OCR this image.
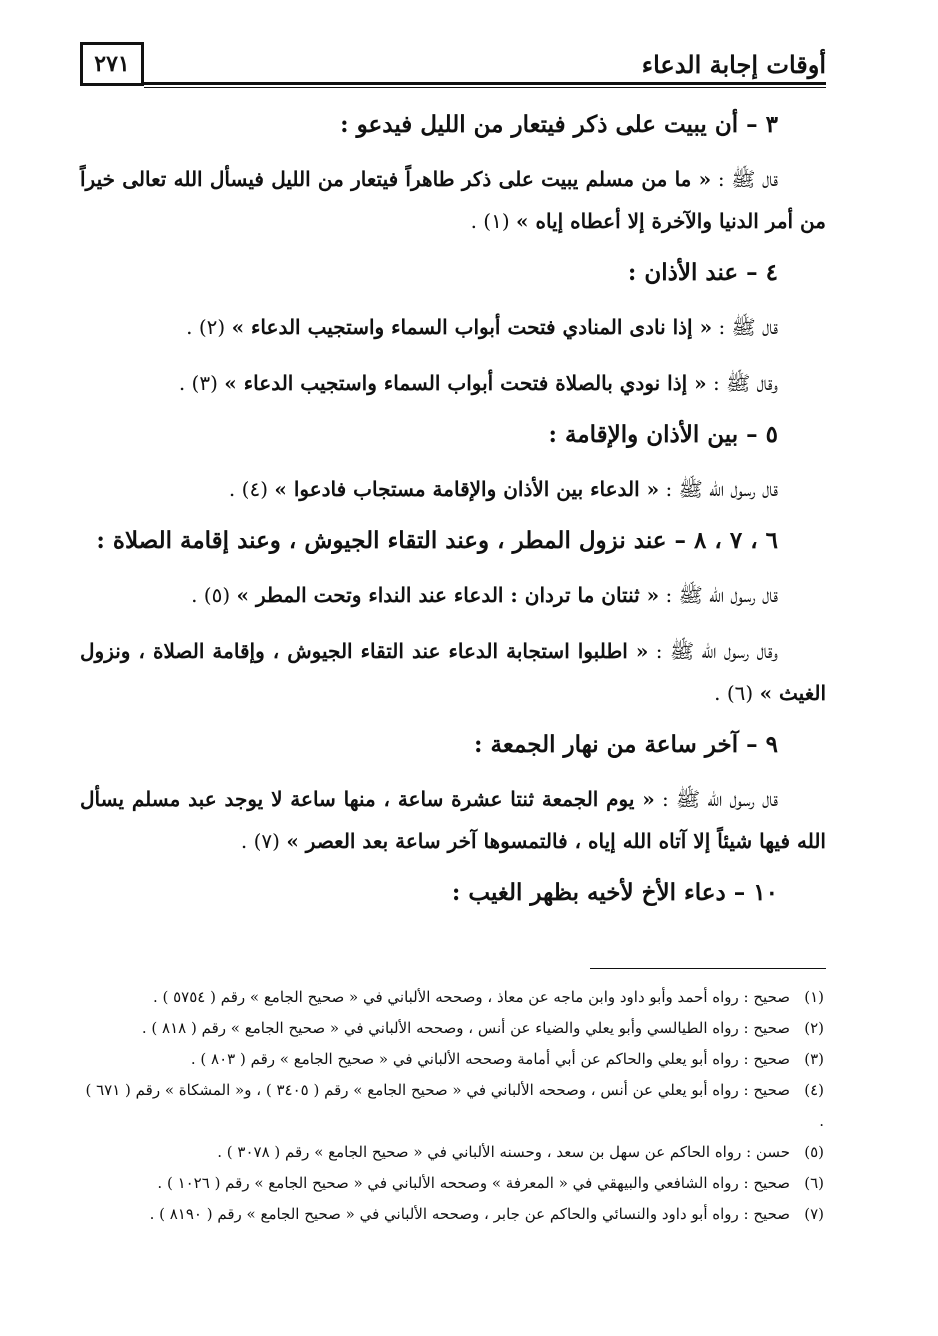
أوقات إجابة الدعاء
٢٧١
٣ – أن يبيت على ذكر فيتعار من الليل فيدعو :

قال ﷺ : « ما من مسلم يبيت على ذكر طاهراً فيتعار من الليل فيسأل الله تعالى خيراً من أمر الدنيا والآخرة إلا أعطاه إياه » (١) .

٤ – عند الأذان :

قال ﷺ : « إذا نادى المنادي فتحت أبواب السماء واستجيب الدعاء » (٢) .

وقال ﷺ : « إذا نودي بالصلاة فتحت أبواب السماء واستجيب الدعاء » (٣) .

٥ – بين الأذان والإقامة :

قال رسول الله ﷺ : « الدعاء بين الأذان والإقامة مستجاب فادعوا » (٤) .

٦ ، ٧ ، ٨ – عند نزول المطر ، وعند التقاء الجيوش ، وعند إقامة الصلاة :

قال رسول الله ﷺ : « ثنتان ما تردان : الدعاء عند النداء وتحت المطر » (٥) .

وقال رسول الله ﷺ : « اطلبوا استجابة الدعاء عند التقاء الجيوش ، وإقامة الصلاة ، ونزول الغيث » (٦) .

٩ – آخر ساعة من نهار الجمعة :

قال رسول الله ﷺ : « يوم الجمعة ثنتا عشرة ساعة ، منها ساعة لا يوجد عبد مسلم يسأل الله فيها شيئاً إلا آتاه الله إياه ، فالتمسوها آخر ساعة بعد العصر » (٧) .

١٠ – دعاء الأخ لأخيه بظهر الغيب :

(١)صحيح : رواه أحمد وأبو داود وابن ماجه عن معاذ ، وصححه الألباني في « صحيح الجامع » رقم ( ٥٧٥٤ ) .

(٢)صحيح : رواه الطيالسي وأبو يعلي والضياء عن أنس ، وصححه الألباني في « صحيح الجامع » رقم ( ٨١٨ ) .

(٣)صحيح : رواه أبو يعلي والحاكم عن أبي أمامة وصححه الألباني في « صحيح الجامع » رقم ( ٨٠٣ ) .

(٤)صحيح : رواه أبو يعلي عن أنس ، وصححه الألباني في « صحيح الجامع » رقم ( ٣٤٠٥ ) ، و« المشكاة » رقم ( ٦٧١ ) .

(٥)حسن : رواه الحاكم عن سهل بن سعد ، وحسنه الألباني في « صحيح الجامع » رقم ( ٣٠٧٨ ) .

(٦)صحيح : رواه الشافعي والبيهقي في « المعرفة » وصححه الألباني في « صحيح الجامع » رقم ( ١٠٢٦ ) .

(٧)صحيح : رواه أبو داود والنسائي والحاكم عن جابر ، وصححه الألباني في « صحيح الجامع » رقم ( ٨١٩٠ ) .
